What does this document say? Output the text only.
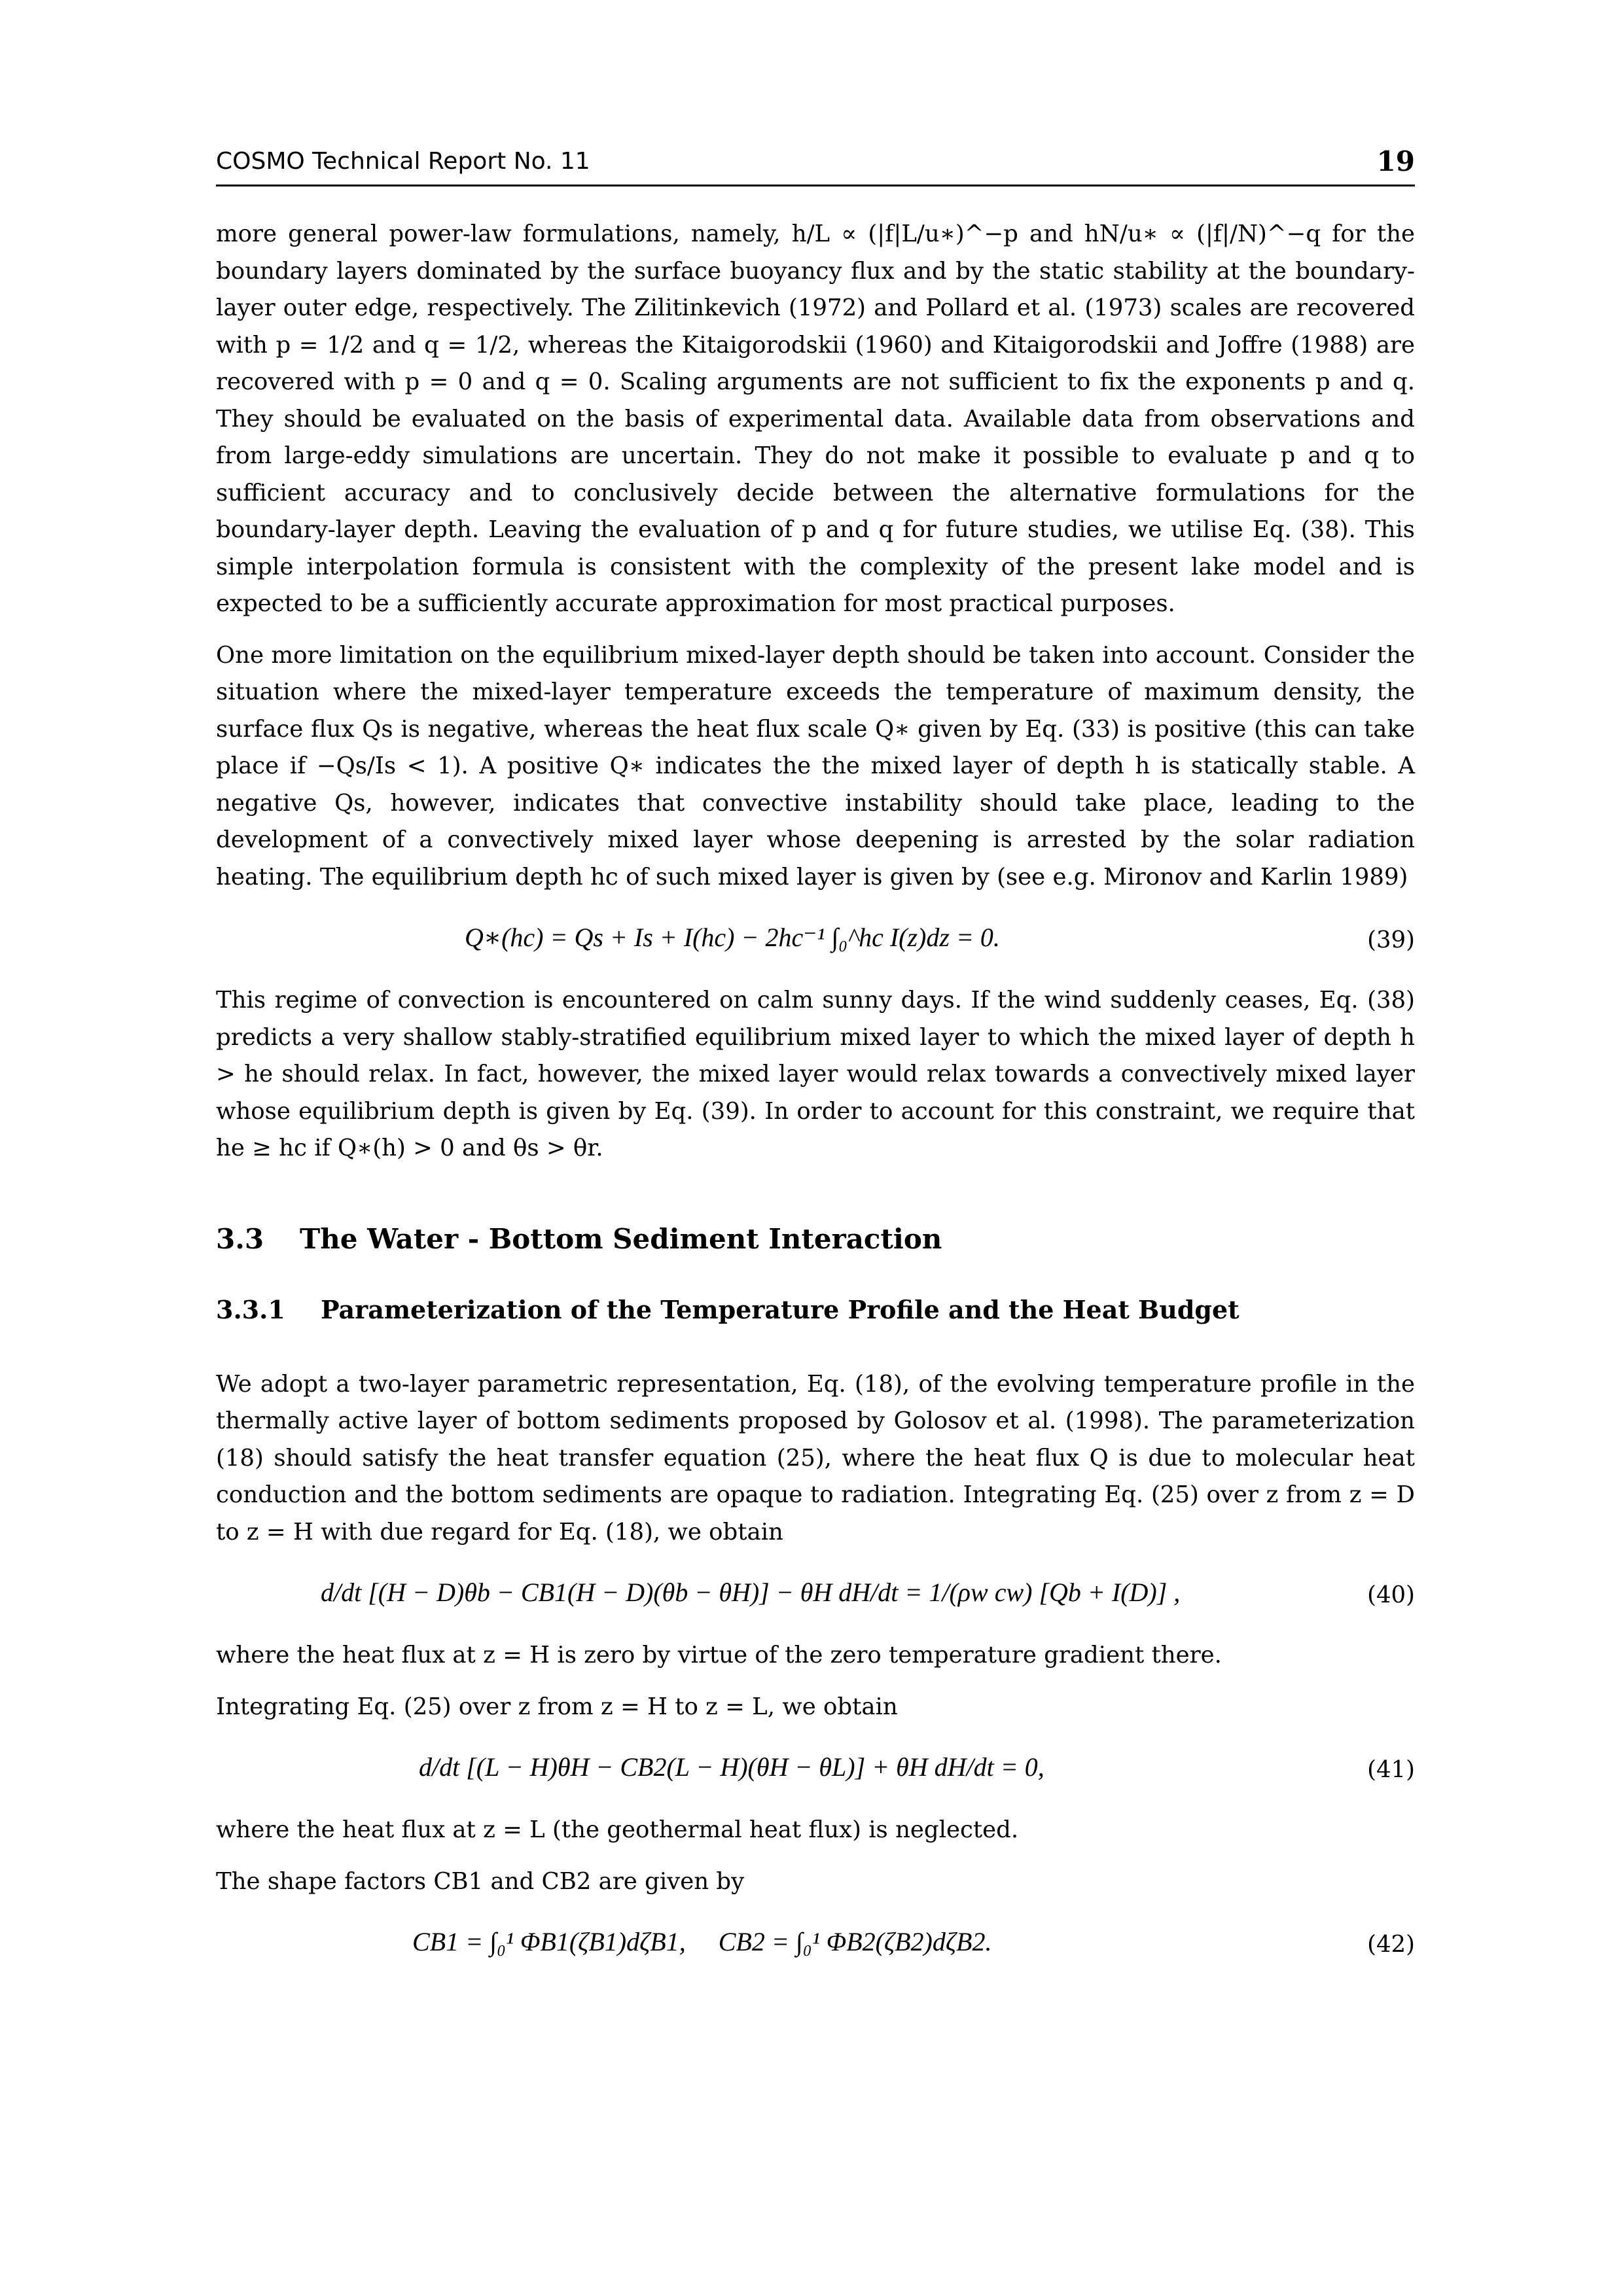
COSMO Technical Report No. 11	19

more general power-law formulations, namely, h/L ∝ (|f|L/u∗)^−p and hN/u∗ ∝ (|f|/N)^−q for the boundary layers dominated by the surface buoyancy flux and by the static stability at the boundary-layer outer edge, respectively. The Zilitinkevich (1972) and Pollard et al. (1973) scales are recovered with p = 1/2 and q = 1/2, whereas the Kitaigorodskii (1960) and Kitaigorodskii and Joffre (1988) are recovered with p = 0 and q = 0. Scaling arguments are not sufficient to fix the exponents p and q. They should be evaluated on the basis of experimental data. Available data from observations and from large-eddy simulations are uncertain. They do not make it possible to evaluate p and q to sufficient accuracy and to conclusively decide between the alternative formulations for the boundary-layer depth. Leaving the evaluation of p and q for future studies, we utilise Eq. (38). This simple interpolation formula is consistent with the complexity of the present lake model and is expected to be a sufficiently accurate approximation for most practical purposes.

One more limitation on the equilibrium mixed-layer depth should be taken into account. Consider the situation where the mixed-layer temperature exceeds the temperature of maximum density, the surface flux Qs is negative, whereas the heat flux scale Q∗ given by Eq. (33) is positive (this can take place if −Qs/Is < 1). A positive Q∗ indicates the the mixed layer of depth h is statically stable. A negative Qs, however, indicates that convective instability should take place, leading to the development of a convectively mixed layer whose deepening is arrested by the solar radiation heating. The equilibrium depth hc of such mixed layer is given by (see e.g. Mironov and Karlin 1989)

Q∗(hc) = Qs + Is + I(hc) − 2hc⁻¹ ∫₀^hc I(z)dz = 0.	(39)

This regime of convection is encountered on calm sunny days. If the wind suddenly ceases, Eq. (38) predicts a very shallow stably-stratified equilibrium mixed layer to which the mixed layer of depth h > he should relax. In fact, however, the mixed layer would relax towards a convectively mixed layer whose equilibrium depth is given by Eq. (39). In order to account for this constraint, we require that he ≥ hc if Q∗(h) > 0 and θs > θr.

3.3 The Water - Bottom Sediment Interaction
3.3.1 Parameterization of the Temperature Profile and the Heat Budget

We adopt a two-layer parametric representation, Eq. (18), of the evolving temperature profile in the thermally active layer of bottom sediments proposed by Golosov et al. (1998). The parameterization (18) should satisfy the heat transfer equation (25), where the heat flux Q is due to molecular heat conduction and the bottom sediments are opaque to radiation. Integrating Eq. (25) over z from z = D to z = H with due regard for Eq. (18), we obtain

d/dt [(H − D)θb − CB1(H − D)(θb − θH)] − θH dH/dt = 1/(ρw cw) [Qb + I(D)] ,	(40)

where the heat flux at z = H is zero by virtue of the zero temperature gradient there.

Integrating Eq. (25) over z from z = H to z = L, we obtain

d/dt [(L − H)θH − CB2(L − H)(θH − θL)] + θH dH/dt = 0,	(41)

where the heat flux at z = L (the geothermal heat flux) is neglected.

The shape factors CB1 and CB2 are given by

CB1 = ∫₀¹ ΦB1(ζB1)dζB1,     CB2 = ∫₀¹ ΦB2(ζB2)dζB2.	(42)
